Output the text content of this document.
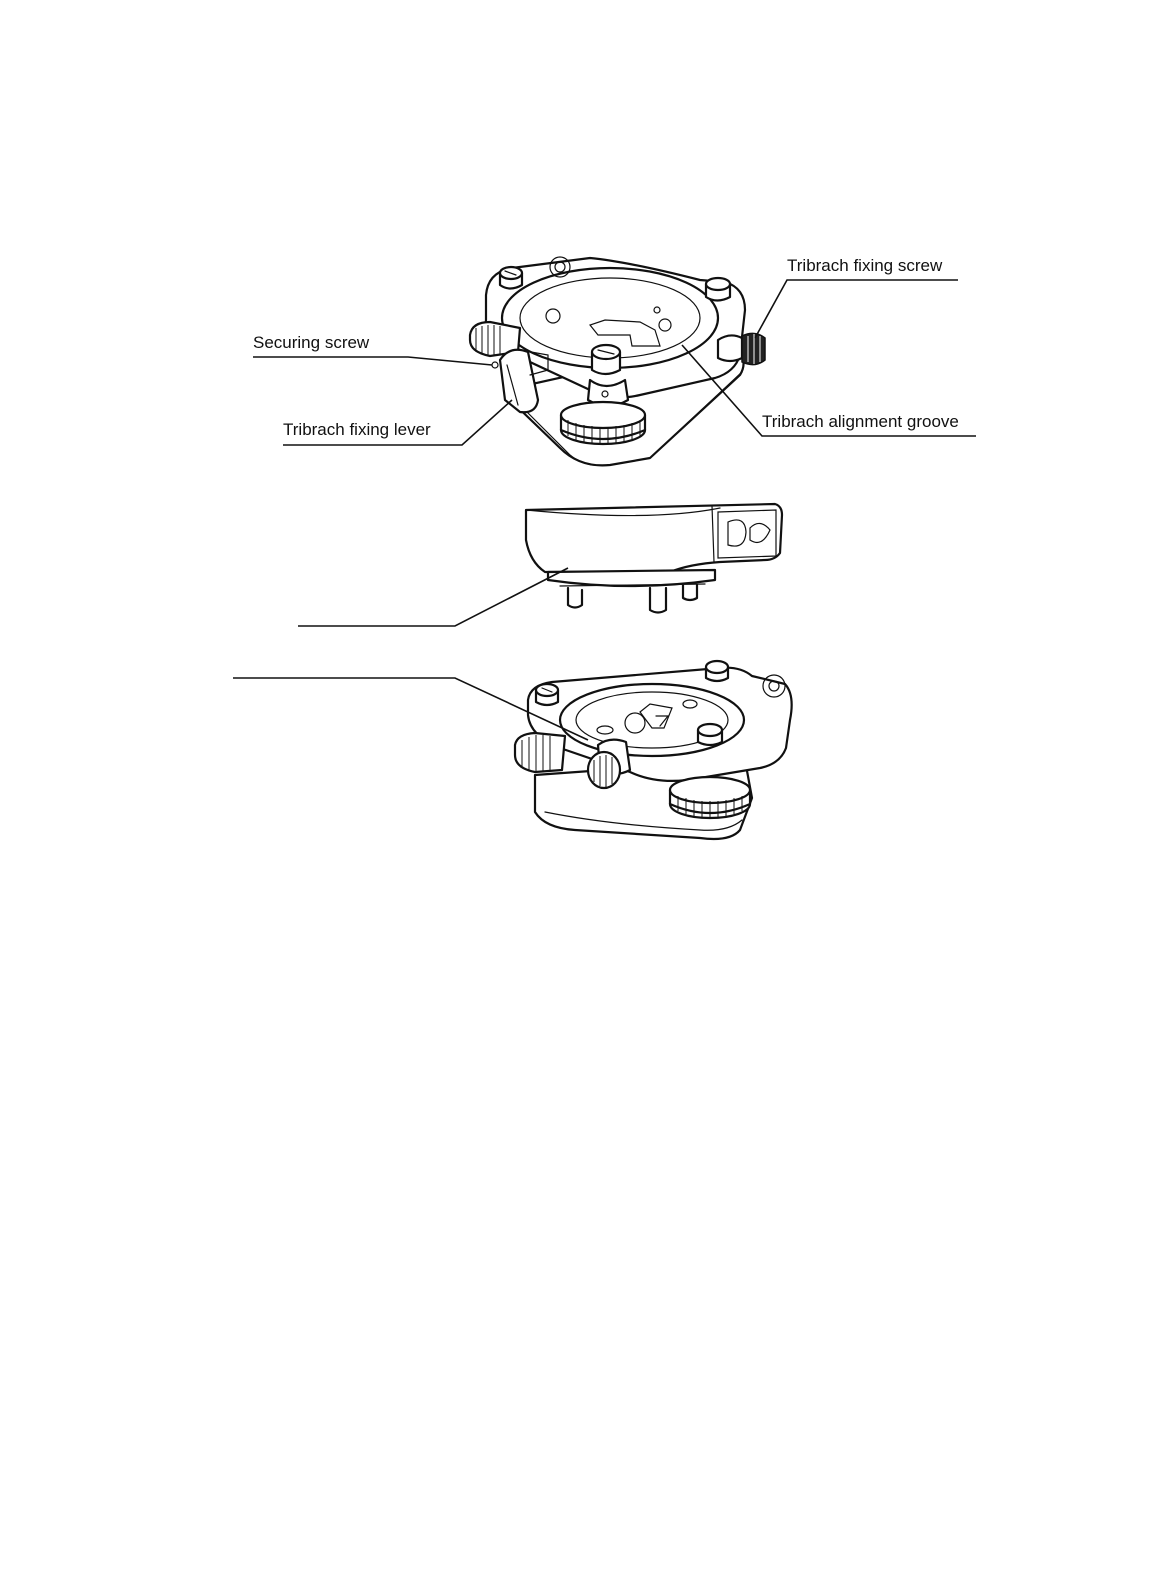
Tribrach fixing screw
Securing screw
Tribrach fixing lever	Tribrach alignment groove
